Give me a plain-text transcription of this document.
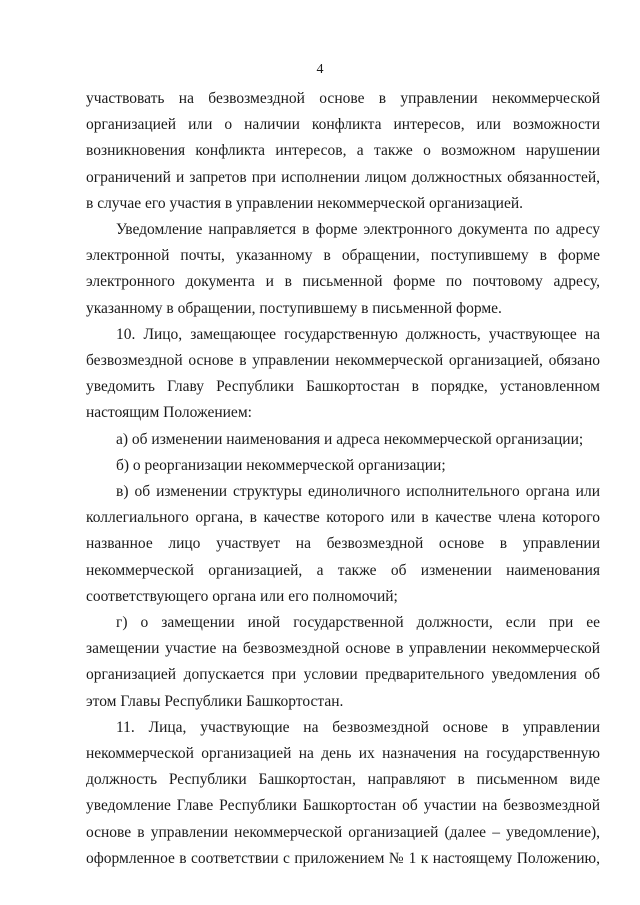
4

участвовать на безвозмездной основе в управлении некоммерческой организацией или о наличии конфликта интересов, или возможности возникновения конфликта интересов, а также о возможном нарушении ограничений и запретов при исполнении лицом должностных обязанностей, в случае его участия в управлении некоммерческой организацией.

Уведомление направляется в форме электронного документа по адресу электронной почты, указанному в обращении, поступившему в форме электронного документа и в письменной форме по почтовому адресу, указанному в обращении, поступившему в письменной форме.

10. Лицо, замещающее государственную должность, участвующее на безвозмездной основе в управлении некоммерческой организацией, обязано уведомить Главу Республики Башкортостан в порядке, установленном настоящим Положением:

а) об изменении наименования и адреса некоммерческой организации;

б) о реорганизации некоммерческой организации;

в) об изменении структуры единоличного исполнительного органа или коллегиального органа, в качестве которого или в качестве члена которого названное лицо участвует на безвозмездной основе в управлении некоммерческой организацией, а также об изменении наименования соответствующего органа или его полномочий;

г) о замещении иной государственной должности, если при ее замещении участие на безвозмездной основе в управлении некоммерческой организацией допускается при условии предварительного уведомления об этом Главы Республики Башкортостан.

11. Лица, участвующие на безвозмездной основе в управлении некоммерческой организацией на день их назначения на государственную должность Республики Башкортостан, направляют в письменном виде уведомление Главе Республики Башкортостан об участии на безвозмездной основе в управлении некоммерческой организацией (далее – уведомление), оформленное в соответствии с приложением № 1 к настоящему Положению,
